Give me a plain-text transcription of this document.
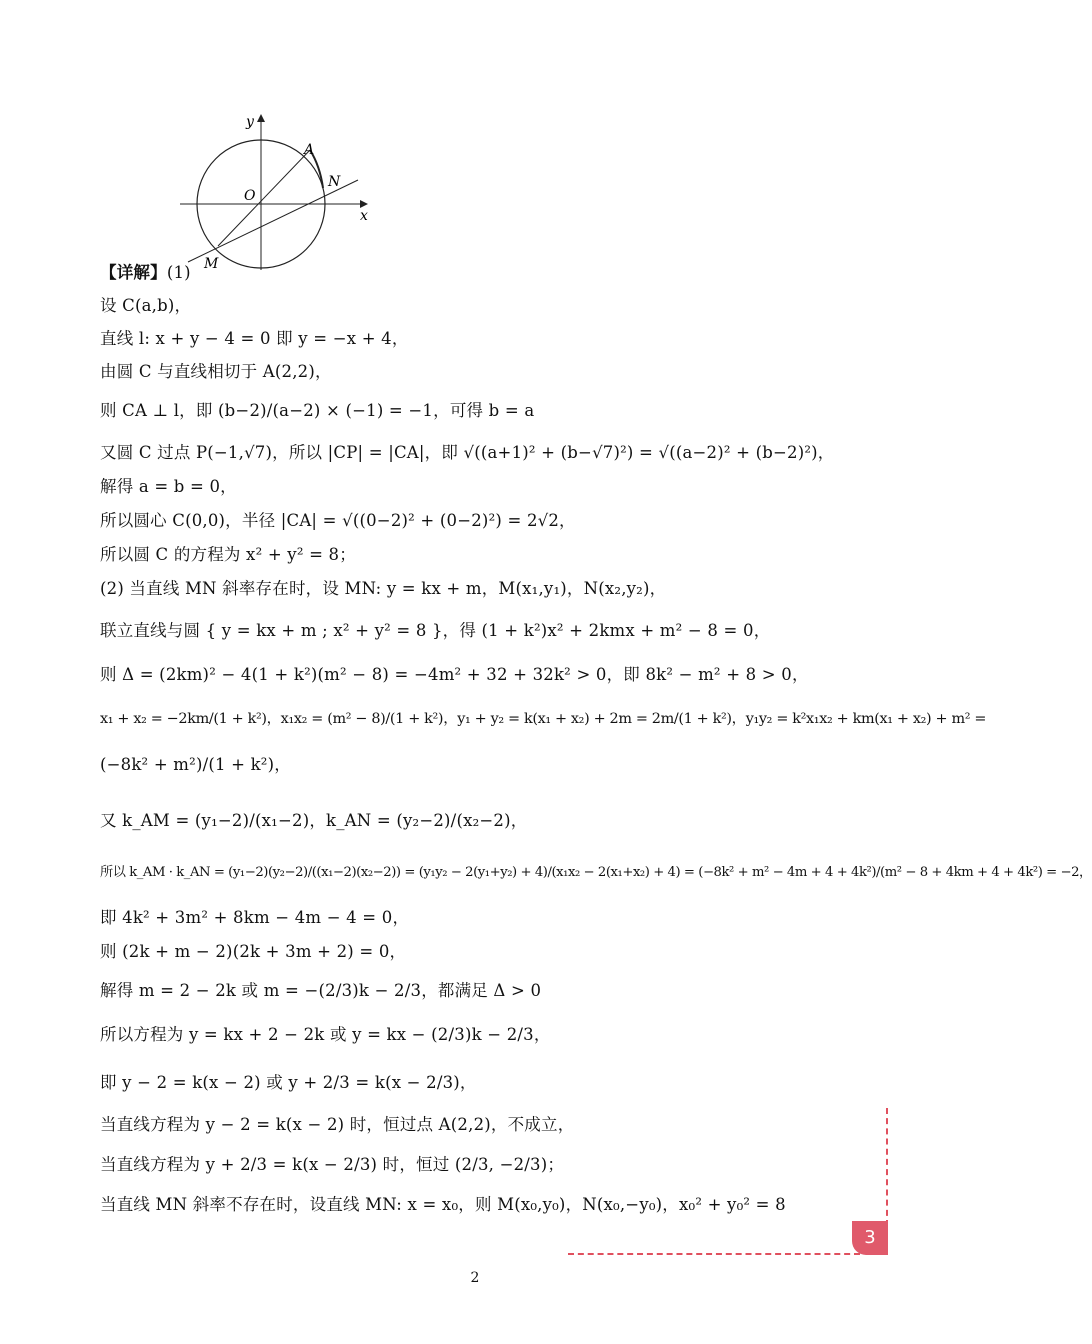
y
x
O
A
N
M
【详解】(1)
设 C(a,b)，
直线 l: x + y − 4 = 0 即 y = −x + 4，
由圆 C 与直线相切于 A(2,2)，
则 CA ⊥ l，即 (b−2)/(a−2) × (−1) = −1，可得 b = a
又圆 C 过点 P(−1,√7)，所以 |CP| = |CA|，即 √((a+1)² + (b−√7)²) = √((a−2)² + (b−2)²)，
解得 a = b = 0，
所以圆心 C(0,0)，半径 |CA| = √((0−2)² + (0−2)²) = 2√2，
所以圆 C 的方程为 x² + y² = 8；
(2) 当直线 MN 斜率存在时，设 MN: y = kx + m，M(x₁,y₁)，N(x₂,y₂)，
联立直线与圆 { y = kx + m ; x² + y² = 8 }，得 (1 + k²)x² + 2kmx + m² − 8 = 0，
则 Δ = (2km)² − 4(1 + k²)(m² − 8) = −4m² + 32 + 32k² > 0，即 8k² − m² + 8 > 0，
x₁ + x₂ = −2km/(1 + k²)，x₁x₂ = (m² − 8)/(1 + k²)，y₁ + y₂ = k(x₁ + x₂) + 2m = 2m/(1 + k²)，y₁y₂ = k²x₁x₂ + km(x₁ + x₂) + m² =
(−8k² + m²)/(1 + k²)，
又 k_AM = (y₁−2)/(x₁−2)，k_AN = (y₂−2)/(x₂−2)，
所以 k_AM · k_AN = (y₁−2)(y₂−2)/((x₁−2)(x₂−2)) = (y₁y₂ − 2(y₁+y₂) + 4)/(x₁x₂ − 2(x₁+x₂) + 4) = (−8k² + m² − 4m + 4 + 4k²)/(m² − 8 + 4km + 4 + 4k²) = −2，
即 4k² + 3m² + 8km − 4m − 4 = 0，
则 (2k + m − 2)(2k + 3m + 2) = 0，
解得 m = 2 − 2k 或 m = −(2/3)k − 2/3，都满足 Δ > 0
所以方程为 y = kx + 2 − 2k 或 y = kx − (2/3)k − 2/3，
即 y − 2 = k(x − 2) 或 y + 2/3 = k(x − 2/3)，
当直线方程为 y − 2 = k(x − 2) 时，恒过点 A(2,2)，不成立，
当直线方程为 y + 2/3 = k(x − 2/3) 时，恒过 (2/3, −2/3)；
当直线 MN 斜率不存在时，设直线 MN: x = x₀，则 M(x₀,y₀)，N(x₀,−y₀)，x₀² + y₀² = 8
3
2
